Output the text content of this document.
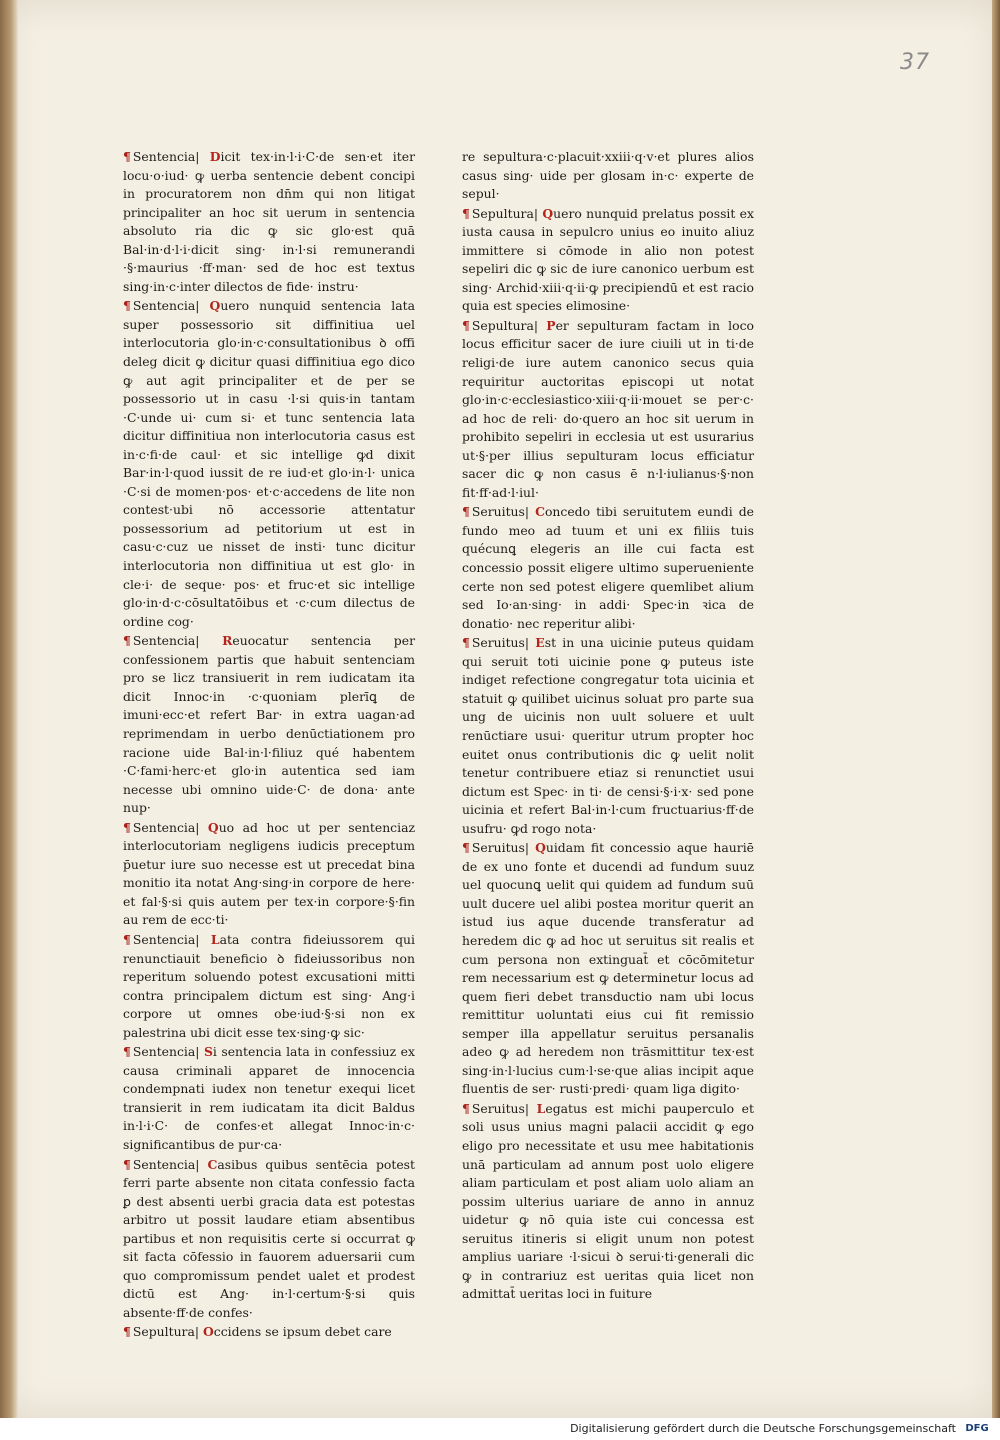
37
¶ Sentencia| Dicit tex·in·l·i·C·de sen·et iter locu·o·iud· ꝙ uerba sentencie debent concipi in procuratorem non dn̄m qui non litigat principaliter an hoc sit uerum in sentencia absoluto ria dic ꝙ sic glo·est quā Bal·in·d·l·i·dicit sing· in·l·si remunerandi ·§·maurius ·ff·man· sed de hoc est textus sing·in·c·inter dilectos de fide· instru·
¶ Sentencia| Quero nunquid sentencia lata super possessorio sit diffinitiua uel interlocutoria glo·in·c·consultationibus ꝺ offi deleg dicit ꝙ dicitur quasi diffinitiua ego dico ꝙ aut agit principaliter et de per se possessorio ut in casu ·l·si quis·in tantam ·C·unde ui· cum si· et tunc sentencia lata dicitur diffinitiua non interlocutoria casus est in·c·fi·de caul· et sic intellige ꝙd dixit Bar·in·l·quod iussit de re iud·et glo·in·l· unica ·C·si de momen·pos· et·c·accedens de lite non contest·ubi nō accessorie attentatur possessorium ad petitorium ut est in casu·c·cuz ue nisset de insti· tunc dicitur interlocutoria non diffinitiua ut est glo· in cle·i· de seque· pos· et fruc·et sic intellige glo·in·d·c·cōsultatōibus et ·c·cum dilectus de ordine cog·
¶ Sentencia| Reuocatur sentencia per confessionem partis que habuit sentenciam pro se licz transiuerit in rem iudicatam ita dicit Innoc·in ·c·quoniam plerīꝗ de imuni·ecc·et refert Bar· in extra uagan·ad reprimendam in uerbo denūctiationem pro racione uide Bal·in·l·filiuz qué habentem ·C·fami·herc·et glo·in autentica sed iam necesse ubi omnino uide·C· de dona· ante nup·
¶ Sentencia| Quo ad hoc ut per sentenciaz interlocutoriam negligens iudicis preceptum p̄uetur iure suo necesse est ut precedat bina monitio ita notat Ang·sing·in corpore de here· et fal·§·si quis autem per tex·in corpore·§·fin au rem de ecc·ti·
¶ Sentencia| Lata contra fideiussorem qui renunctiauit beneficio ꝺ fideiussoribus non reperitum soluendo potest excusationi mitti contra principalem dictum est sing· Ang·i corpore ut omnes obe·iud·§·si non ex palestrina ubi dicit esse tex·sing·ꝙ sic·
¶ Sentencia| Si sentencia lata in confessiuz ex causa criminali apparet de innocencia condempnati iudex non tenetur exequi licet transierit in rem iudicatam ita dicit Baldus in·l·i·C· de confes·et allegat Innoc·in·c· significantibus de pur·ca·
¶ Sentencia| Casibus quibus sentēcia potest ferri parte absente non citata confessio facta ꝑ dest absenti uerbi gracia data est potestas arbitro ut possit laudare etiam absentibus partibus et non requisitis certe si occurrat ꝙ sit facta cōfessio in fauorem aduersarii cum quo compromissum pendet ualet et prodest dictū est Ang· in·l·certum·§·si quis absente·ff·de confes·
¶ Sepultura| Occidens se ipsum debet care
re sepultura·c·placuit·xxiii·q·v·et plures alios casus sing· uide per glosam in·c· experte de sepul·
¶ Sepultura| Quero nunquid prelatus possit ex iusta causa in sepulcro unius eo inuito aliuz immittere si cōmode in alio non potest sepeliri dic ꝙ sic de iure canonico uerbum est sing· Archid·xiii·q·ii·ꝙ precipiendū et est racio quia est species elimosine·
¶ Sepultura| Per sepulturam factam in loco locus efficitur sacer de iure ciuili ut in ti·de religi·de iure autem canonico secus quia requiritur auctoritas episcopi ut notat glo·in·c·ecclesiastico·xiii·q·ii·mouet se per·c· ad hoc de reli· do·quero an hoc sit uerum in prohibito sepeliri in ecclesia ut est usurarius ut·§·per illius sepulturam locus efficiatur sacer dic ꝙ non casus ē n·l·iulianus·§·non fit·ff·ad·l·iul·
¶ Seruitus| Concedo tibi seruitutem eundi de fundo meo ad tuum et uni ex filiis tuis quécunꝗ elegeris an ille cui facta est concessio possit eligere ultimo superueniente certe non sed potest eligere quemlibet alium sed Io·an·sing· in addi· Spec·in ꝛica de donatio· nec reperitur alibi·
¶ Seruitus| Est in una uicinie puteus quidam qui seruit toti uicinie pone ꝙ puteus iste indiget refectione congregatur tota uicinia et statuit ꝙ quilibet uicinus soluat pro parte sua ung de uicinis non uult soluere et uult renūctiare usui· queritur utrum propter hoc euitet onus contributionis dic ꝙ uelit nolit tenetur contribuere etiaz si renunctiet usui dictum est Spec· in ti· de censi·§·i·x· sed pone uicinia et refert Bal·in·l·cum fructuarius·ff·de usufru· ꝙd rogo nota·
¶ Seruitus| Quidam fit concessio aque hauriē de ex uno fonte et ducendi ad fundum suuz uel quocunꝗ uelit qui quidem ad fundum suū uult ducere uel alibi postea moritur querit an istud ius aque ducende transferatur ad heredem dic ꝙ ad hoc ut seruitus sit realis et cum persona non extinguat̄ et cōcōmitetur rem necessarium est ꝙ determinetur locus ad quem fieri debet transductio nam ubi locus remittitur uoluntati eius cui fit remissio semper illa appellatur seruitus persanalis adeo ꝙ ad heredem non trāsmittitur tex·est sing·in·l·lucius cum·l·se·que alias incipit aque fluentis de ser· rusti·predi· quam liga digito·
¶ Seruitus| Legatus est michi pauperculo et soli usus unius magni palacii accidit ꝙ ego eligo pro necessitate et usu mee habitationis unā particulam ad annum post uolo eligere aliam particulam et post aliam uolo aliam an possim ulterius uariare de anno in annuz uidetur ꝙ nō quia iste cui concessa est seruitus itineris si eligit unum non potest amplius uariare ·l·sicui ꝺ serui·ti·generali dic ꝙ in contrariuz est ueritas quia licet non admittat̄ ueritas loci in fuiture
Digitalisierung gefördert durch die Deutsche Forschungsgemeinschaft DFG
